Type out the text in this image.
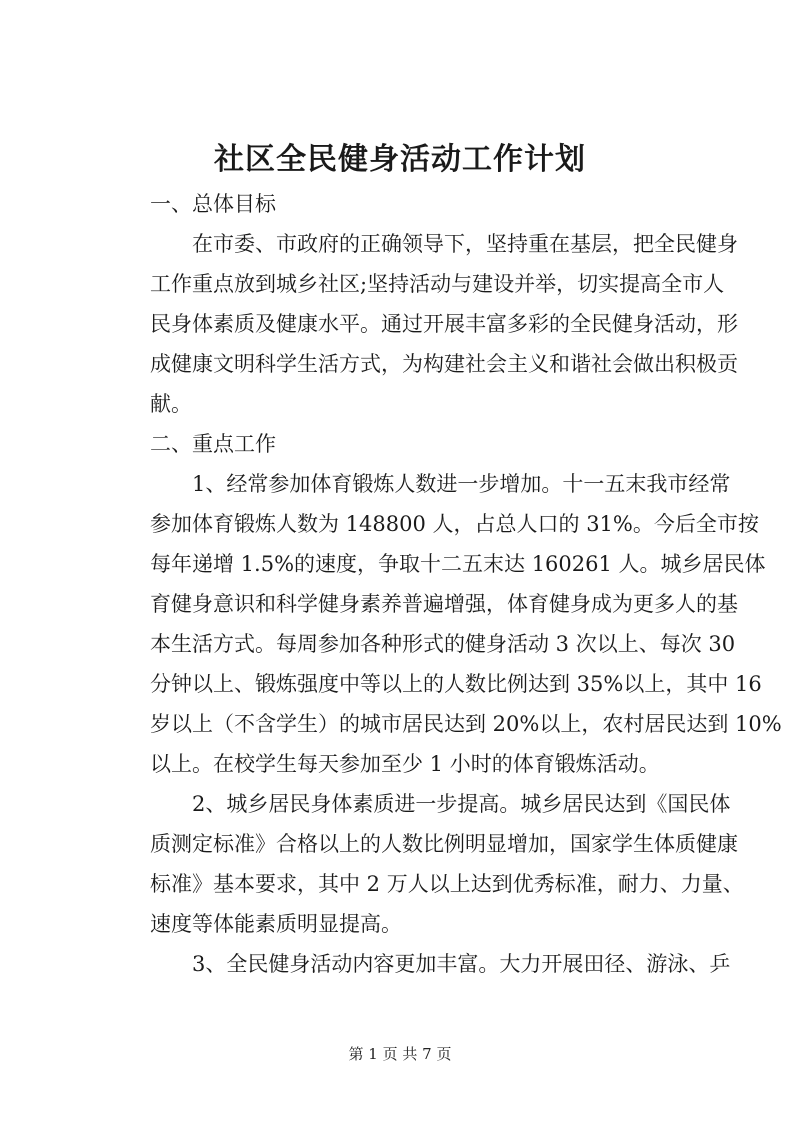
社区全民健身活动工作计划
一、总体目标
在市委、市政府的正确领导下，坚持重在基层，把全民健身
工作重点放到城乡社区;坚持活动与建设并举，切实提高全市人
民身体素质及健康水平。通过开展丰富多彩的全民健身活动，形
成健康文明科学生活方式，为构建社会主义和谐社会做出积极贡
献。
二、重点工作
1、经常参加体育锻炼人数进一步增加。十一五末我市经常
参加体育锻炼人数为 148800 人，占总人口的 31%。今后全市按
每年递增 1.5%的速度，争取十二五末达 160261 人。城乡居民体
育健身意识和科学健身素养普遍增强，体育健身成为更多人的基
本生活方式。每周参加各种形式的健身活动 3 次以上、每次 30
分钟以上、锻炼强度中等以上的人数比例达到 35%以上，其中 16
岁以上（不含学生）的城市居民达到 20%以上，农村居民达到 10%
以上。在校学生每天参加至少 1 小时的体育锻炼活动。
2、城乡居民身体素质进一步提高。城乡居民达到《国民体
质测定标准》合格以上的人数比例明显增加，国家学生体质健康
标准》基本要求，其中 2 万人以上达到优秀标准，耐力、力量、
速度等体能素质明显提高。
3、全民健身活动内容更加丰富。大力开展田径、游泳、乒
第 1 页 共 7 页
